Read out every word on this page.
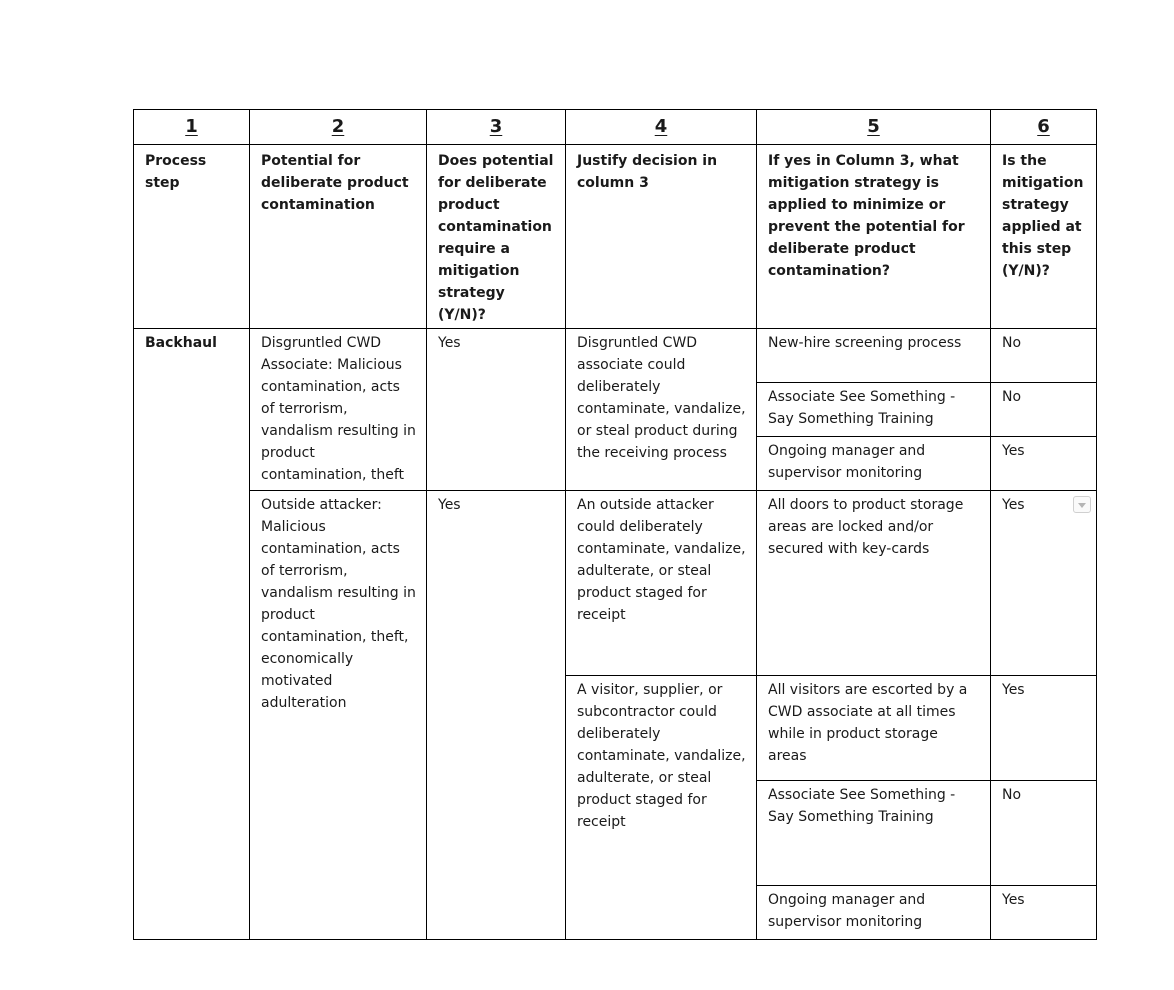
1	2	3	4	5	6
Process step	Potential for deliberate product contamination	Does potential for deliberate product contamination require a mitigation strategy (Y/N)?	Justify decision in column 3	If yes in Column 3, what mitigation strategy is applied to minimize or prevent the potential for deliberate product contamination?	Is the mitigation strategy applied at this step (Y/N)?
Backhaul	Disgruntled CWD Associate: Malicious contamination, acts of terrorism, vandalism resulting in product contamination, theft	Yes	Disgruntled CWD associate could deliberately contaminate, vandalize, or steal product during the receiving process	New-hire screening process	No
				Associate See Something - Say Something Training	No
				Ongoing manager and supervisor monitoring	Yes
	Outside attacker: Malicious contamination, acts of terrorism, vandalism resulting in product contamination, theft, economically motivated adulteration	Yes	An outside attacker could deliberately contaminate, vandalize, adulterate, or steal product staged for receipt	All doors to product storage areas are locked and/or secured with key-cards	Yes

			A visitor, supplier, or subcontractor could deliberately contaminate, vandalize, adulterate, or steal product staged for receipt	All visitors are escorted by a CWD associate at all times while in product storage areas	Yes
				Associate See Something - Say Something Training	No
				Ongoing manager and supervisor monitoring	Yes
